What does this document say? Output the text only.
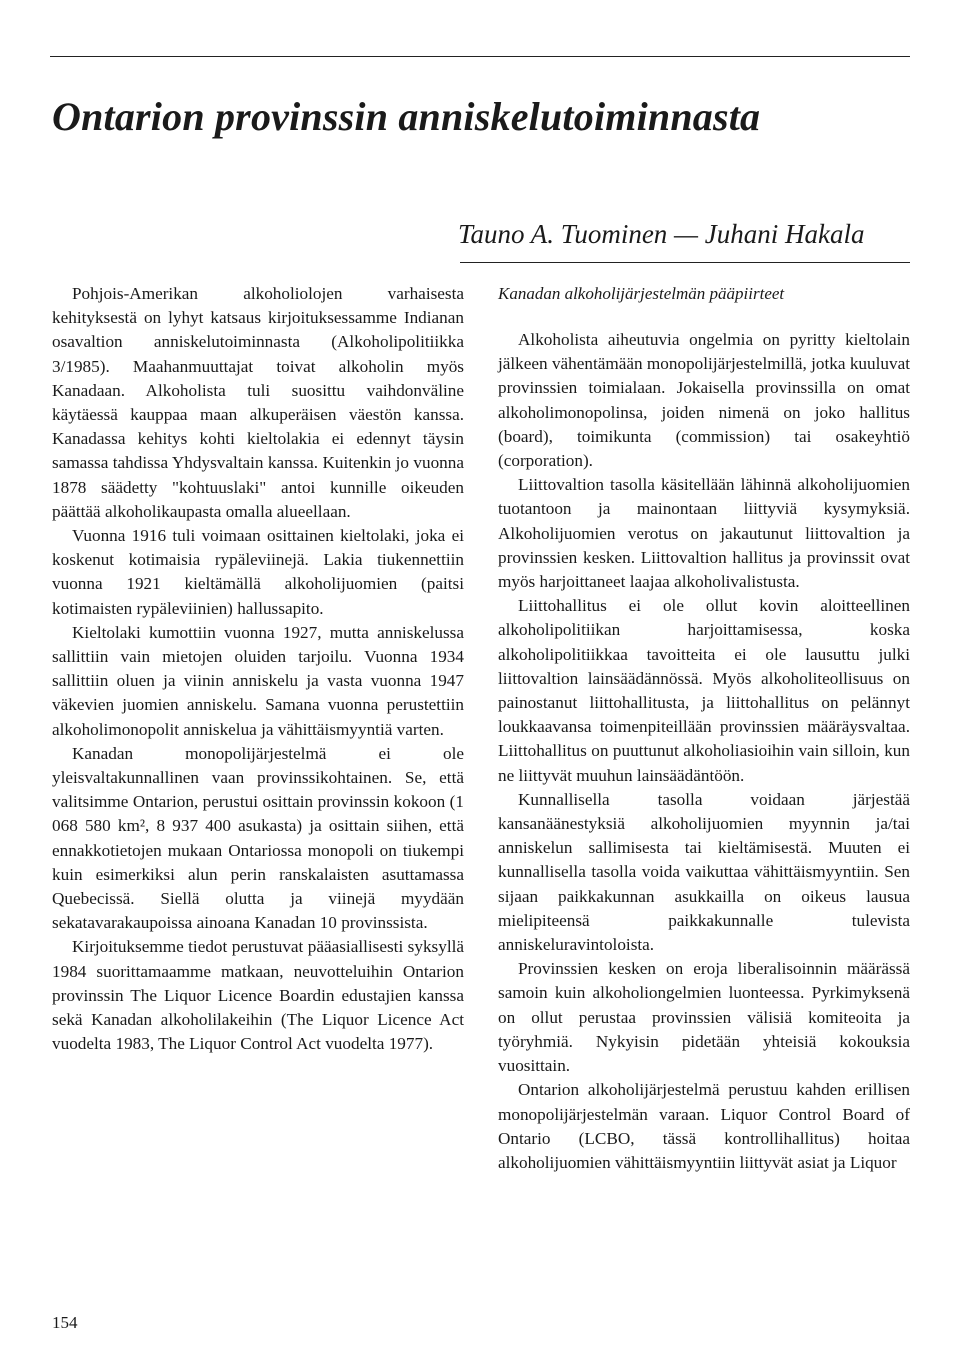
Ontarion provinssin anniskelutoiminnasta
Tauno A. Tuominen — Juhani Hakala

Pohjois-Amerikan alkoholiolojen varhaisesta kehityksestä on lyhyt katsaus kirjoituksessamme Indianan osavaltion anniskelutoiminnasta (Alkoholipolitiikka 3/1985). Maahanmuuttajat toivat alkoholin myös Kanadaan. Alkoholista tuli suosittu vaihdonväline käytäessä kauppaa maan alkuperäisen väestön kanssa. Kanadassa kehitys kohti kieltolakia ei edennyt täysin samassa tahdissa Yhdysvaltain kanssa. Kuitenkin jo vuonna 1878 säädetty "kohtuuslaki" antoi kunnille oikeuden päättää alkoholikaupasta omalla alueellaan.

Vuonna 1916 tuli voimaan osittainen kieltolaki, joka ei koskenut kotimaisia rypäleviinejä. Lakia tiukennettiin vuonna 1921 kieltämällä alkoholijuomien (paitsi kotimaisten rypäleviinien) hallussapito.

Kieltolaki kumottiin vuonna 1927, mutta anniskelussa sallittiin vain mietojen oluiden tarjoilu. Vuonna 1934 sallittiin oluen ja viinin anniskelu ja vasta vuonna 1947 väkevien juomien anniskelu. Samana vuonna perustettiin alkoholimonopolit anniskelua ja vähittäismyyntiä varten.

Kanadan monopolijärjestelmä ei ole yleisvaltakunnallinen vaan provinssikohtainen. Se, että valitsimme Ontarion, perustui osittain provinssin kokoon (1 068 580 km², 8 937 400 asukasta) ja osittain siihen, että ennakkotietojen mukaan Ontariossa monopoli on tiukempi kuin esimerkiksi alun perin ranskalaisten asuttamassa Quebecissä. Siellä olutta ja viinejä myydään sekatavarakaupoissa ainoana Kanadan 10 provinssista.

Kirjoituksemme tiedot perustuvat pääasiallisesti syksyllä 1984 suorittamaamme matkaan, neuvotteluihin Ontarion provinssin The Liquor Licence Boardin edustajien kanssa sekä Kanadan alkoholilakeihin (The Liquor Licence Act vuodelta 1983, The Liquor Control Act vuodelta 1977).

Kanadan alkoholijärjestelmän pääpiirteet

Alkoholista aiheutuvia ongelmia on pyritty kieltolain jälkeen vähentämään monopolijärjestelmillä, jotka kuuluvat provinssien toimialaan. Jokaisella provinssilla on omat alkoholimonopolinsa, joiden nimenä on joko hallitus (board), toimikunta (commission) tai osakeyhtiö (corporation).

Liittovaltion tasolla käsitellään lähinnä alkoholijuomien tuotantoon ja mainontaan liittyviä kysymyksiä. Alkoholijuomien verotus on jakautunut liittovaltion ja provinssien kesken. Liittovaltion hallitus ja provinssit ovat myös harjoittaneet laajaa alkoholivalistusta.

Liittohallitus ei ole ollut kovin aloitteellinen alkoholipolitiikan harjoittamisessa, koska alkoholipolitiikkaa tavoitteita ei ole lausuttu julki liittovaltion lainsäädännössä. Myös alkoholiteollisuus on painostanut liittohallitusta, ja liittohallitus on pelännyt loukkaavansa toimenpiteillään provinssien määräysvaltaa. Liittohallitus on puuttunut alkoholiasioihin vain silloin, kun ne liittyvät muuhun lainsäädäntöön.

Kunnallisella tasolla voidaan järjestää kansanäänestyksiä alkoholijuomien myynnin ja/tai anniskelun sallimisesta tai kieltämisestä. Muuten ei kunnallisella tasolla voida vaikuttaa vähittäismyyntiin. Sen sijaan paikkakunnan asukkailla on oikeus lausua mielipiteensä paikkakunnalle tulevista anniskeluravintoloista.

Provinssien kesken on eroja liberalisoinnin määrässä samoin kuin alkoholiongelmien luonteessa. Pyrkimyksenä on ollut perustaa provinssien välisiä komiteoita ja työryhmiä. Nykyisin pidetään yhteisiä kokouksia vuosittain.

Ontarion alkoholijärjestelmä perustuu kahden erillisen monopolijärjestelmän varaan. Liquor Control Board of Ontario (LCBO, tässä kontrollihallitus) hoitaa alkoholijuomien vähittäismyyntiin liittyvät asiat ja Liquor

154
